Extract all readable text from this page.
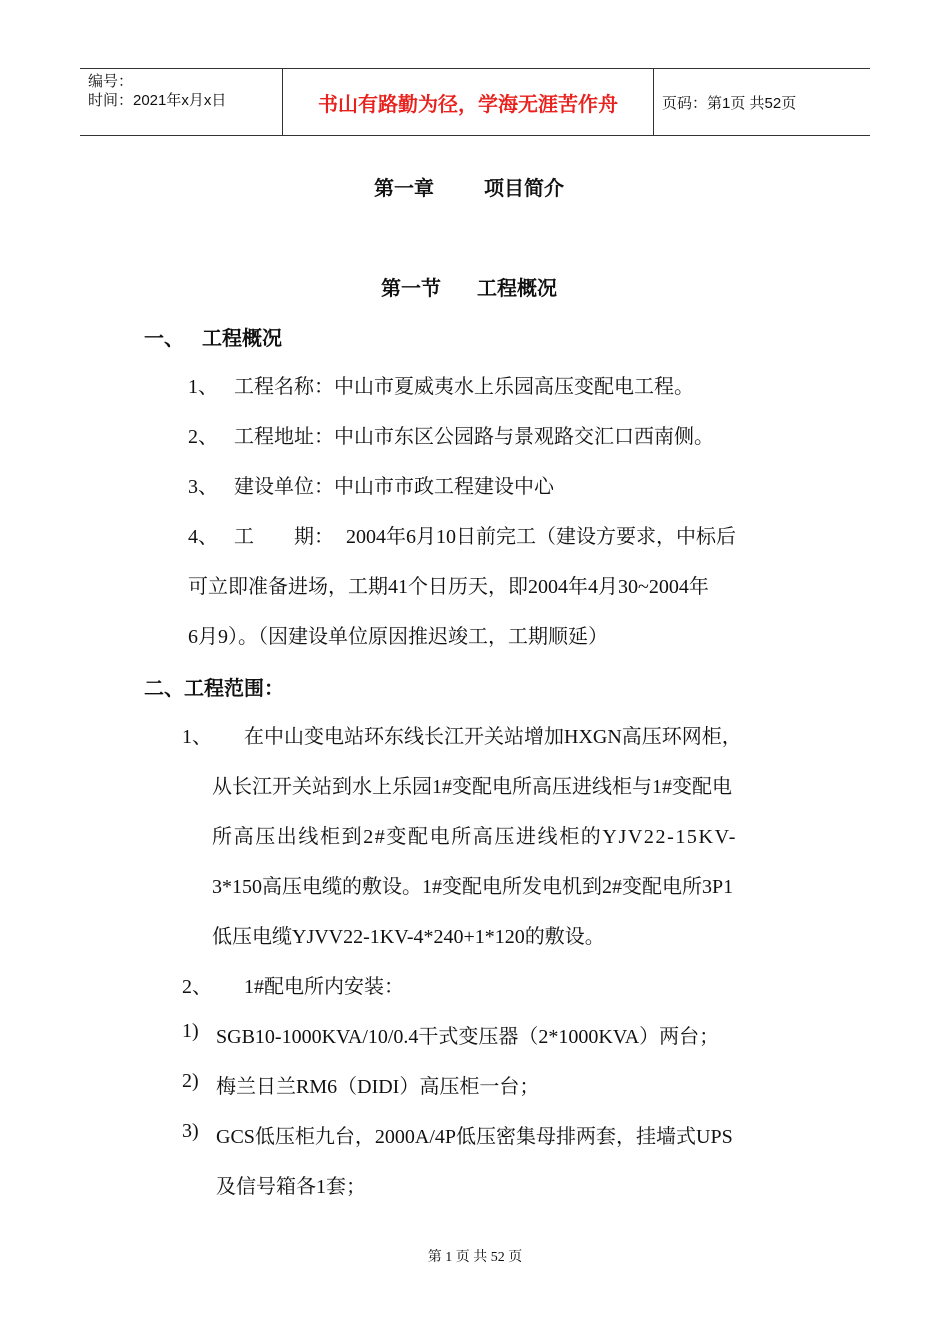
编号：
时间：2021年x月x日	书山有路勤为径，学海无涯苦作舟	页码：第1页 共52页
第一章	项目简介
第一节 工程概况
一、 工程概况
1、 工程名称：中山市夏威夷水上乐园高压变配电工程。
2、 工程地址：中山市东区公园路与景观路交汇口西南侧。
3、 建设单位：中山市市政工程建设中心
4、 工　　期： 2004年6月10日前完工（建设方要求，中标后
可立即准备进场，工期41个日历天，即2004年4月30~2004年
6月9）。（因建设单位原因推迟竣工，工期顺延）
二、工程范围：
1、 在中山变电站环东线长江开关站增加HXGN高压环网柜，
从长江开关站到水上乐园1#变配电所高压进线柜与1#变配电
所高压出线柜到2#变配电所高压进线柜的YJV22-15KV-
3*150高压电缆的敷设。1#变配电所发电机到2#变配电所3P1
低压电缆YJVV22-1KV-4*240+1*120的敷设。
2、 1#配电所内安装：
1) SGB10-1000KVA/10/0.4干式变压器（2*1000KVA）两台；
2) 梅兰日兰RM6（DIDI）高压柜一台；
3) GCS低压柜九台，2000A/4P低压密集母排两套，挂墙式UPS
及信号箱各1套；
第 1 页 共 52 页
